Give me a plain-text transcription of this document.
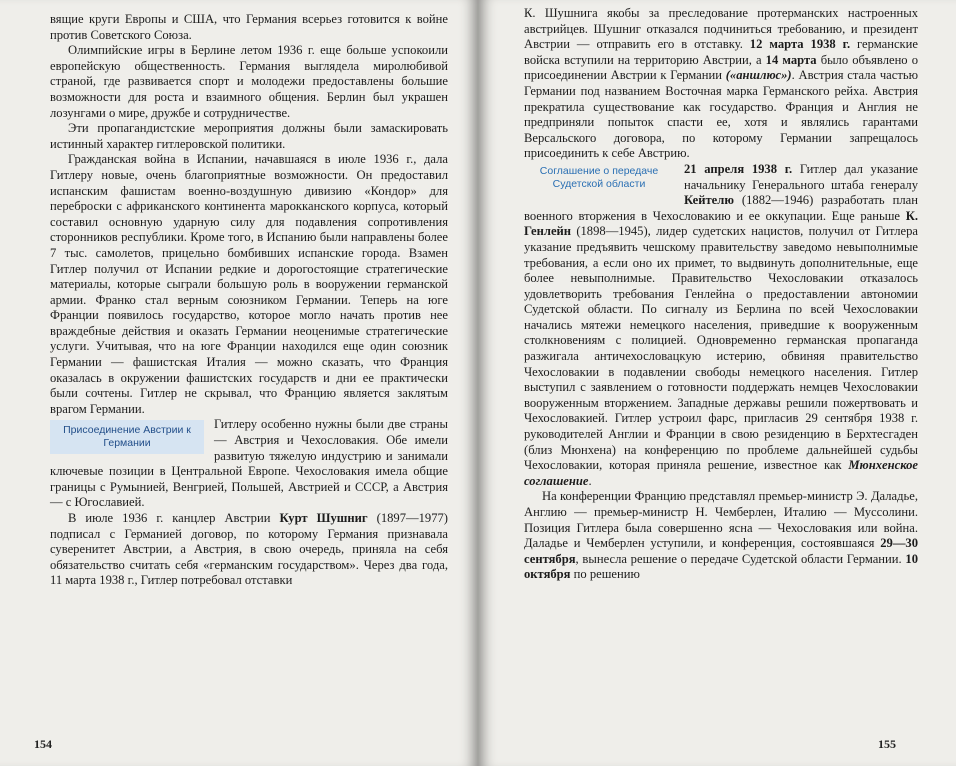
вящие круги Европы и США, что Германия всерьез готовится к войне против Советского Союза.

Олимпийские игры в Берлине летом 1936 г. еще больше успокоили европейскую общественность. Германия выглядела миролюбивой страной, где развивается спорт и молодежи предоставлены большие возможности для роста и взаимного общения. Берлин был украшен лозунгами о мире, дружбе и сотрудничестве.

Эти пропагандистские мероприятия должны были замаскировать истинный характер гитлеровской политики.

Гражданская война в Испании, начавшаяся в июле 1936 г., дала Гитлеру новые, очень благоприятные возможности. Он предоставил испанским фашистам военно-воздушную дивизию «Кондор» для переброски с африканского континента марокканского корпуса, который составил основную ударную силу для подавления сопротивления сторонников республики. Кроме того, в Испанию были направлены более 7 тыс. самолетов, прицельно бомбивших испанские города. Взамен Гитлер получил от Испании редкие и дорогостоящие стратегические материалы, которые сыграли большую роль в вооружении германской армии. Франко стал верным союзником Германии. Теперь на юге Франции появилось государство, которое могло начать против нее враждебные действия и оказать Германии неоценимые стратегические услуги. Учитывая, что на юге Франции находился еще один союзник Германии — фашистская Италия — можно сказать, что Франция оказалась в окружении фашистских государств и дни ее практически были сочтены. Гитлер не скрывал, что Францию является заклятым врагом Германии.

Присоединение Австрии к Германии

Гитлеру особенно нужны были две страны — Австрия и Чехословакия. Обе имели развитую тяжелую индустрию и занимали ключевые позиции в Центральной Европе. Чехословакия имела общие границы с Румынией, Венгрией, Польшей, Австрией и СССР, а Австрия — с Югославией.

В июле 1936 г. канцлер Австрии Курт Шушниг (1897—1977) подписал с Германией договор, по которому Германия признавала суверенитет Австрии, а Австрия, в свою очередь, приняла на себя обязательство считать себя «германским государством». Через два года, 11 марта 1938 г., Гитлер потребовал отставки

154

К. Шушнига якобы за преследование протерманских настроенных австрийцев. Шушниг отказался подчиниться требованию, и президент Австрии — отправить его в отставку. 12 марта 1938 г. германские войска вступили на территорию Австрии, а 14 марта было объявлено о присоединении Австрии к Германии («аншлюс»). Австрия стала частью Германии под названием Восточная марка Германского рейха. Австрия прекратила существование как государство. Франция и Англия не предприняли попыток спасти ее, хотя и являлись гарантами Версальского договора, по которому Германии запрещалось присоединить к себе Австрию.

Соглашение о передаче Судетской области

21 апреля 1938 г. Гитлер дал указание начальнику Генерального штаба генералу Кейтелю (1882—1946) разработать план военного вторжения в Чехословакию и ее оккупации. Еще раньше К. Генлейн (1898—1945), лидер судетских нацистов, получил от Гитлера указание предъявить чешскому правительству заведомо невыполнимые требования, а если оно их примет, то выдвинуть дополнительные, еще более невыполнимые. Правительство Чехословакии отказалось удовлетворить требования Генлейна о предоставлении автономии Судетской области. По сигналу из Берлина по всей Чехословакии начались мятежи немецкого населения, приведшие к вооруженным столкновениям с полицией. Одновременно германская пропаганда разжигала античехословацкую истерию, обвиняя правительство Чехословакии в подавлении свободы немецкого населения. Гитлер выступил с заявлением о готовности поддержать немцев Чехословакии вооруженным вторжением. Западные державы решили пожертвовать и Чехословакией. Гитлер устроил фарс, пригласив 29 сентября 1938 г. руководителей Англии и Франции в свою резиденцию в Берхтесгаден (близ Мюнхена) на конференцию по проблеме дальнейшей судьбы Чехословакии, которая приняла решение, известное как Мюнхенское соглашение.

На конференции Францию представлял премьер-министр Э. Даладье, Англию — премьер-министр Н. Чемберлен, Италию — Муссолини. Позиция Гитлера была совершенно ясна — Чехословакия или война. Даладье и Чемберлен уступили, и конференция, состоявшаяся 29—30 сентября, вынесла решение о передаче Судетской области Германии. 10 октября по решению

155
